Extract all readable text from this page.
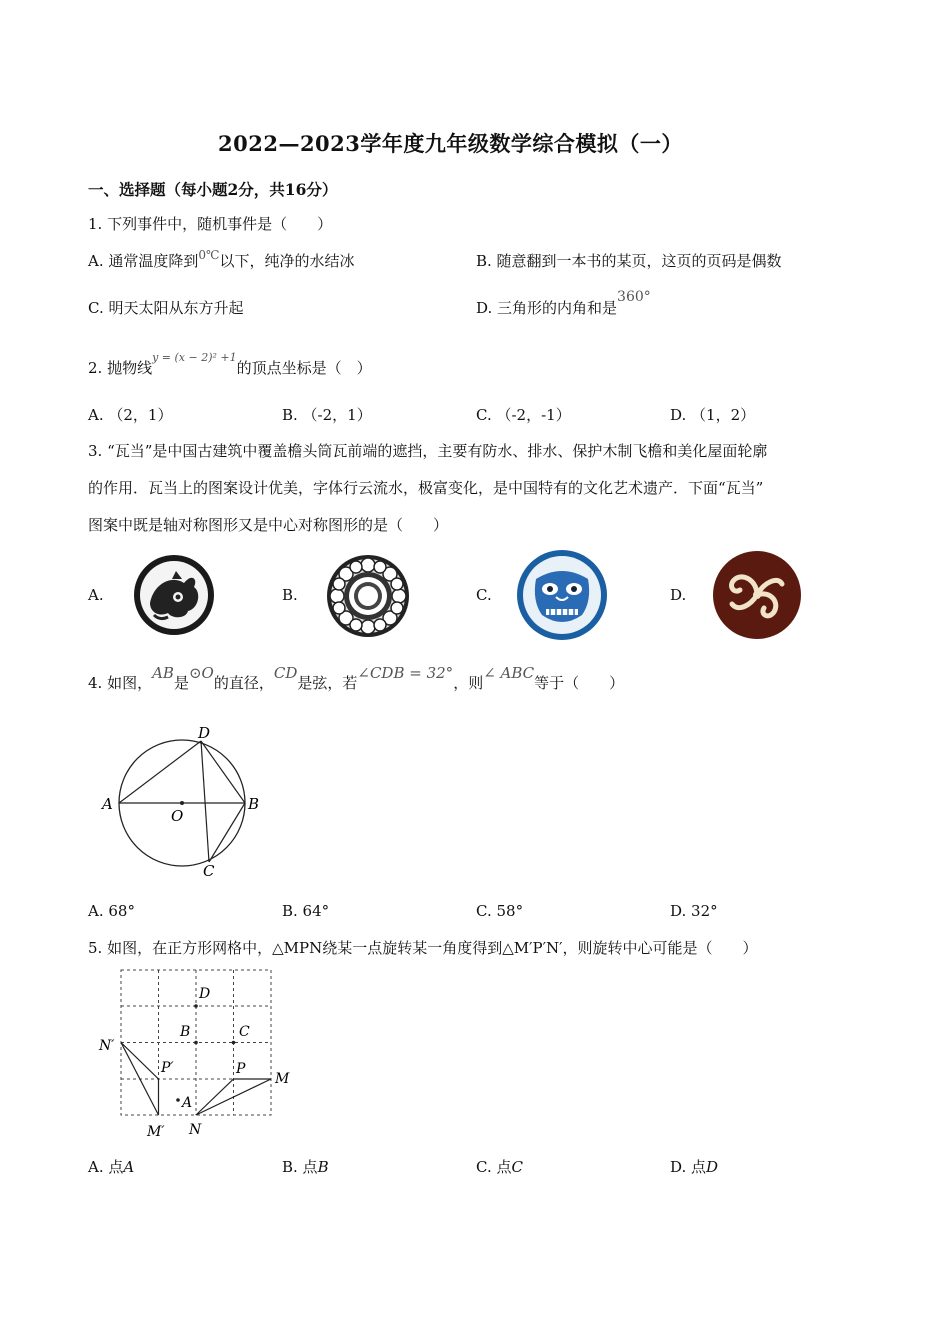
2022—2023学年度九年级数学综合模拟（一）
一、选择题（每小题2分，共16分）
1. 下列事件中，随机事件是（　　）
A. 通常温度降到$^{0℃}$以下，纯净的水结冰	B. 随意翻到一本书的某页，这页的页码是偶数
C. 明天太阳从东方升起	D. 三角形的内角和是360°
2. 抛物线$^{y = (x - 2)^2 +1}$的顶点坐标是（　）
A. （2，1）	B. （-2，1）	C. （-2，-1）	D. （1，2）
3. “瓦当”是中国古建筑中覆盖檐头筒瓦前端的遮挡，主要有防水、排水、保护木制飞檐和美化屋面轮廓
的作用．瓦当上的图案设计优美，字体行云流水，极富变化，是中国特有的文化艺术遗产．下面“瓦当”
图案中既是轴对称图形又是中心对称图形的是（　　）
A.	B.	C.	D.
4. 如图，AB是⊙O的直径，CD是弦，若∠CDB = 32°，则∠ ABC等于（　　）
A	B
D
C
O
A. 68°	B. 64°	C. 58°	D. 32°
5. 如图，在正方形网格中，△MPN绕某一点旋转某一角度得到△M′P′N′，则旋转中心可能是（　　）
D
B	C
N′
P′	P
M
A
M′ N
A. 点A	B. 点B	C. 点C	D. 点D
